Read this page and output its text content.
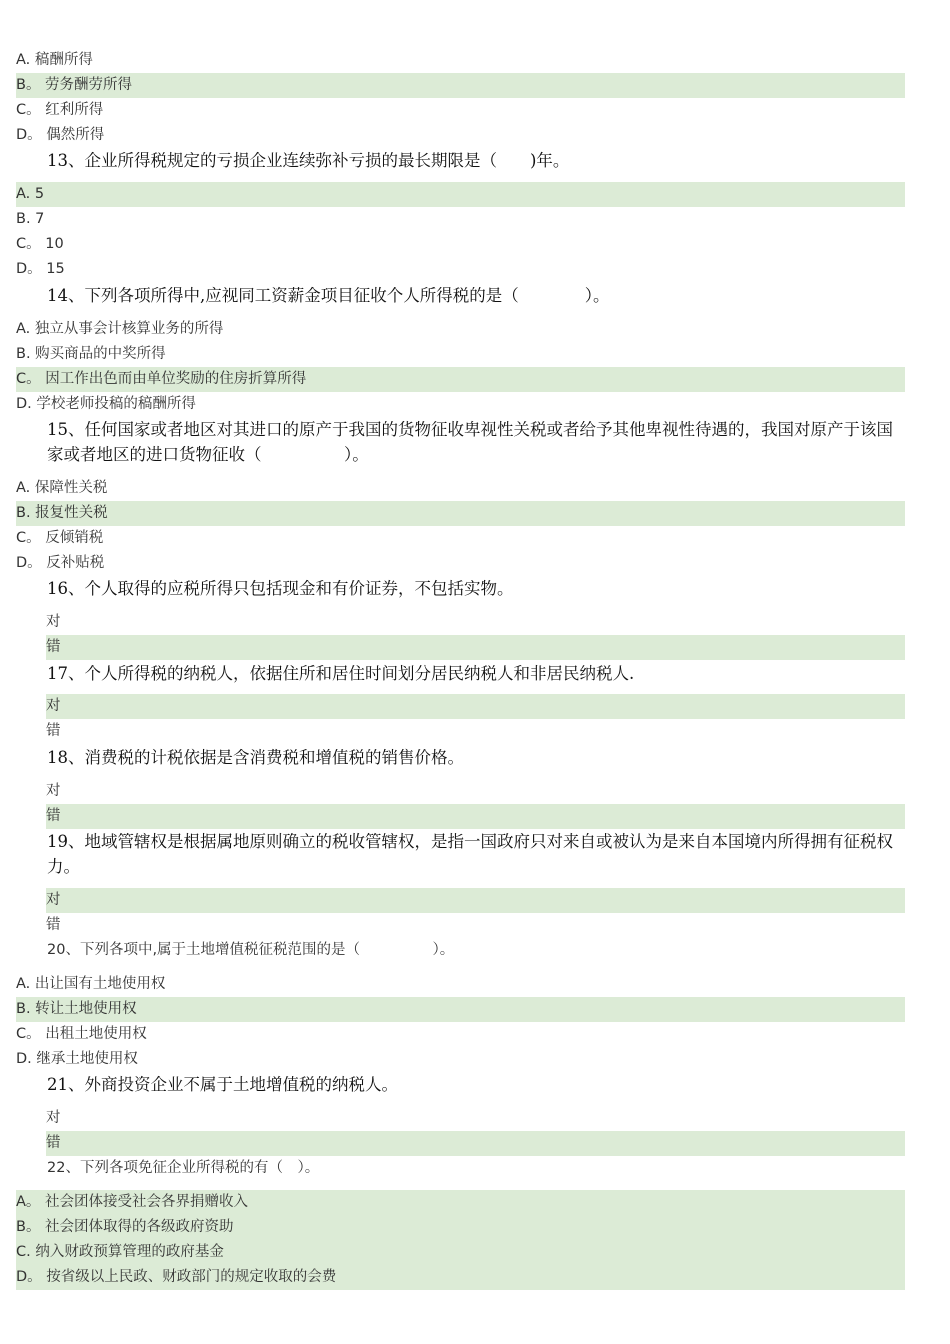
A. 稿酬所得
B。 劳务酬劳所得
C。 红利所得
D。 偶然所得
13、企业所得税规定的亏损企业连续弥补亏损的最长期限是（　　)年。
A. 5
B. 7
C。 10
D。 15
14、下列各项所得中,应视同工资薪金项目征收个人所得税的是（　　　　）。
A. 独立从事会计核算业务的所得
B. 购买商品的中奖所得
C。 因工作出色而由单位奖励的住房折算所得
D. 学校老师投稿的稿酬所得
15、任何国家或者地区对其进口的原产于我国的货物征收卑视性关税或者给予其他卑视性待遇的，我国对原产于该国家或者地区的进口货物征收（　　　　　）。
A. 保障性关税
B. 报复性关税
C。 反倾销税
D。 反补贴税
16、个人取得的应税所得只包括现金和有价证券，不包括实物。
对
错
17、个人所得税的纳税人，依据住所和居住时间划分居民纳税人和非居民纳税人.
对
错
18、消费税的计税依据是含消费税和增值税的销售价格。
对
错
19、地域管辖权是根据属地原则确立的税收管辖权，是指一国政府只对来自或被认为是来自本国境内所得拥有征税权力。
对
错
20、下列各项中,属于土地增值税征税范围的是（　　　　　）。
A. 出让国有土地使用权
B. 转让土地使用权
C。 出租土地使用权
D. 继承土地使用权
21、外商投资企业不属于土地增值税的纳税人。
对
错
22、下列各项免征企业所得税的有（　）。
A。 社会团体接受社会各界捐赠收入
B。 社会团体取得的各级政府资助
C. 纳入财政预算管理的政府基金
D。 按省级以上民政、财政部门的规定收取的会费
